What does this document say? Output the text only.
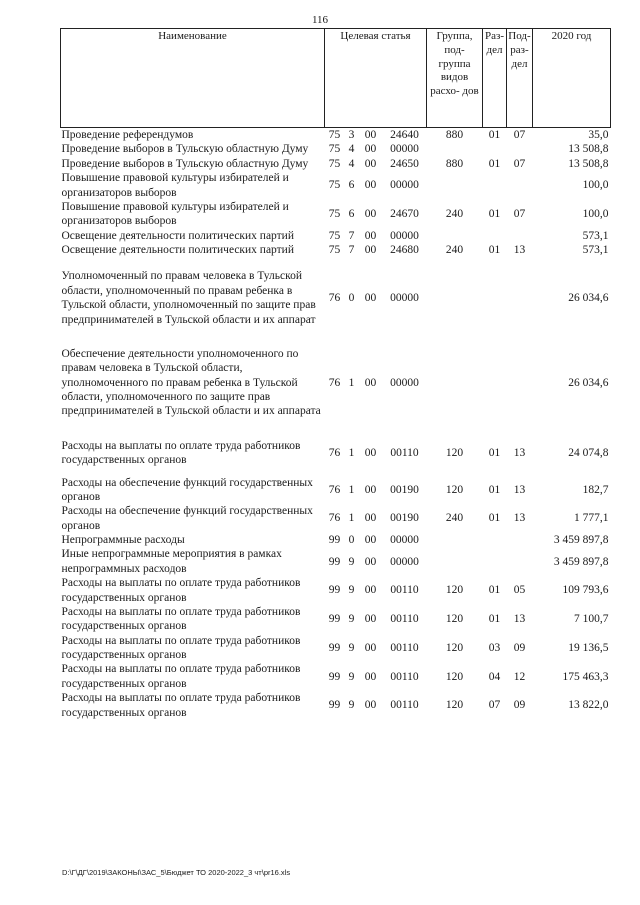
116
Наименование	Целевая статья				Группа, под- группа видов расхо- дов	Раз- дел	Под- раз- дел	2020 год
Проведение референдумов	75	3	00	24640	880	01	07	35,0
Проведение выборов в Тульскую областную Думу	75	4	00	00000				13 508,8
Проведение выборов в Тульскую областную Думу	75	4	00	24650	880	01	07	13 508,8
Повышение правовой культуры избирателей и организаторов выборов	75	6	00	00000				100,0
Повышение правовой культуры избирателей и организаторов выборов	75	6	00	24670	240	01	07	100,0
Освещение деятельности политических партий	75	7	00	00000				573,1
Освещение деятельности политических партий	75	7	00	24680	240	01	13	573,1
Уполномоченный по правам человека в Тульской области, уполномоченный по правам ребенка в Тульской области, уполномоченный по защите прав предпринимателей в Тульской области и их аппарат	76	0	00	00000				26 034,6
Обеспечение деятельности уполномоченного по правам человека в Тульской области, уполномоченного по правам ребенка в Тульской области, уполномоченного по защите прав предпринимателей в Тульской области и их аппарата	76	1	00	00000				26 034,6
Расходы на выплаты по оплате труда работников государственных органов	76	1	00	00110	120	01	13	24 074,8
Расходы на обеспечение функций государственных органов	76	1	00	00190	120	01	13	182,7
Расходы на обеспечение функций государственных органов	76	1	00	00190	240	01	13	1 777,1
Непрограммные расходы	99	0	00	00000				3 459 897,8
Иные непрограммные мероприятия в рамках непрограммных расходов	99	9	00	00000				3 459 897,8
Расходы на выплаты по оплате труда работников государственных органов	99	9	00	00110	120	01	05	109 793,6
Расходы на выплаты по оплате труда работников государственных органов	99	9	00	00110	120	01	13	7 100,7
Расходы на выплаты по оплате труда работников государственных органов	99	9	00	00110	120	03	09	19 136,5
Расходы на выплаты по оплате труда работников государственных органов	99	9	00	00110	120	04	12	175 463,3
Расходы на выплаты по оплате труда работников государственных органов	99	9	00	00110	120	07	09	13 822,0
D:\Г\ДГ\2019\ЗАКОНЫ\ЗАС_5\Бюджет ТО 2020-2022_3 чт\pr16.xls
